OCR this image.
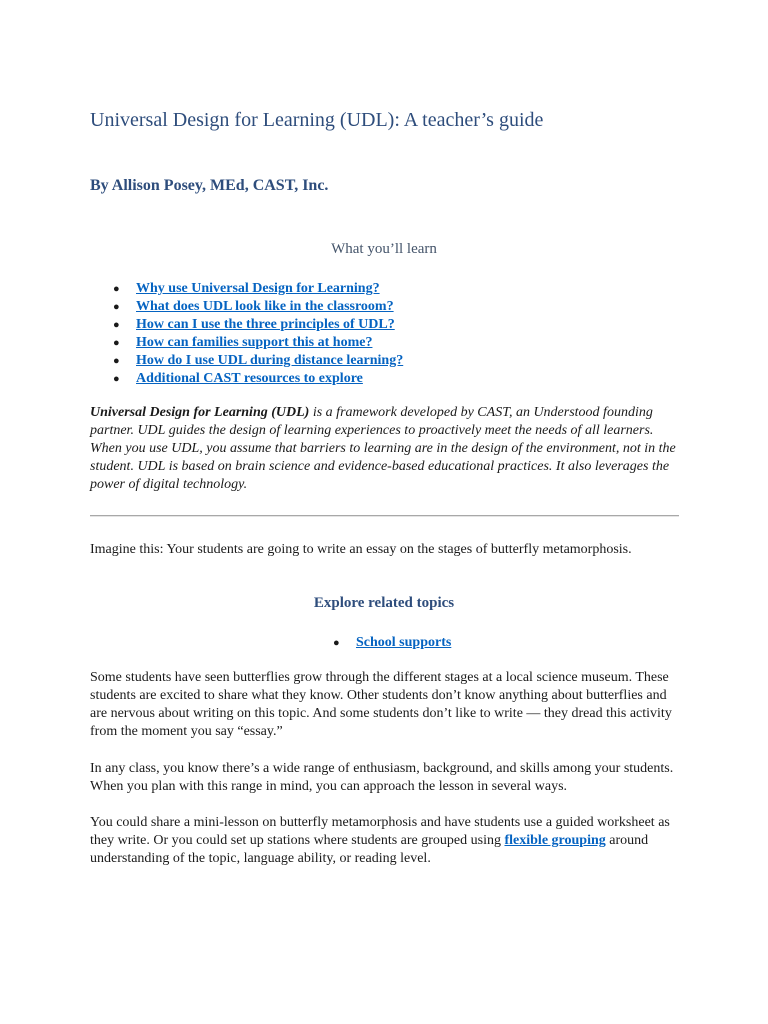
Universal Design for Learning (UDL): A teacher’s guide
By Allison Posey, MEd, CAST, Inc.
What you’ll learn
● Why use Universal Design for Learning?
● What does UDL look like in the classroom?
● How can I use the three principles of UDL?
● How can families support this at home?
● How do I use UDL during distance learning?
● Additional CAST resources to explore

Universal Design for Learning (UDL) is a framework developed by CAST, an Understood founding partner. UDL guides the design of learning experiences to proactively meet the needs of all learners. When you use UDL, you assume that barriers to learning are in the design of the environment, not in the student. UDL is based on brain science and evidence-based educational practices. It also leverages the power of digital technology.

Imagine this: Your students are going to write an essay on the stages of butterfly metamorphosis.

Explore related topics
● School supports

Some students have seen butterflies grow through the different stages at a local science museum. These students are excited to share what they know. Other students don’t know anything about butterflies and are nervous about writing on this topic. And some students don’t like to write — they dread this activity from the moment you say “essay.”

In any class, you know there’s a wide range of enthusiasm, background, and skills among your students. When you plan with this range in mind, you can approach the lesson in several ways.

You could share a mini-lesson on butterfly metamorphosis and have students use a guided worksheet as they write. Or you could set up stations where students are grouped using flexible grouping around understanding of the topic, language ability, or reading level.
